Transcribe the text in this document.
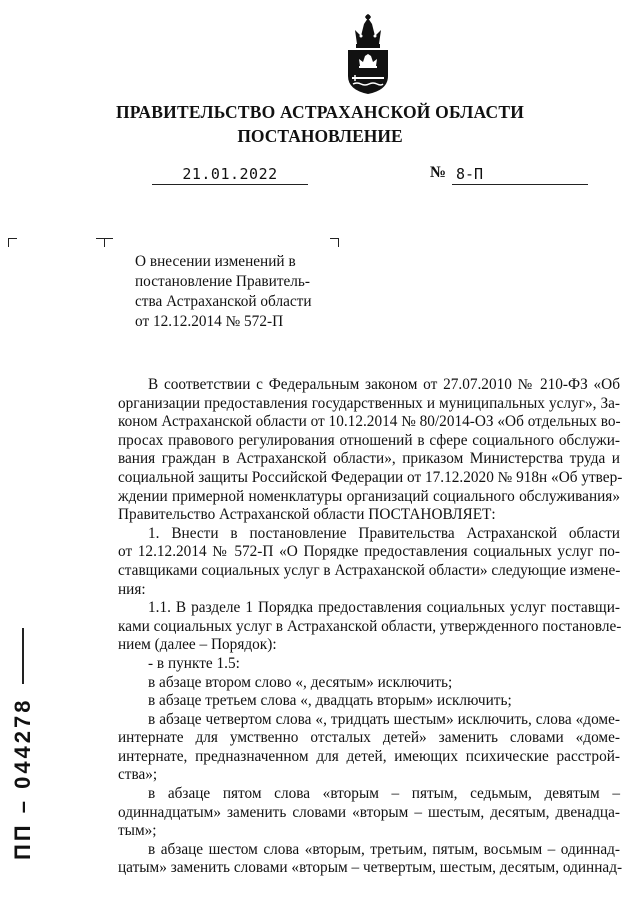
ПРАВИТЕЛЬСТВО АСТРАХАНСКОЙ ОБЛАСТИ
ПОСТАНОВЛЕНИЕ
21.01.2022	№ 8-П
О внесении изменений в
постановление Правитель-
ства Астраханской области
от 12.12.2014 № 572-П
В соответствии с Федеральным законом от 27.07.2010 № 210-ФЗ «Об
организации предоставления государственных и муниципальных услуг», За-
коном Астраханской области от 10.12.2014 № 80/2014-ОЗ «Об отдельных во-
просах правового регулирования отношений в сфере социального обслужи-
вания граждан в Астраханской области», приказом Министерства труда и
социальной защиты Российской Федерации от 17.12.2020 № 918н «Об утвер-
ждении примерной номенклатуры организаций социального обслуживания»
Правительство Астраханской области ПОСТАНОВЛЯЕТ:
1. Внести в постановление Правительства Астраханской области
от 12.12.2014 № 572-П «О Порядке предоставления социальных услуг по-
ставщиками социальных услуг в Астраханской области» следующие измене-
ния:
1.1. В разделе 1 Порядка предоставления социальных услуг поставщи-
ками социальных услуг в Астраханской области, утвержденного постановле-
нием (далее – Порядок):
- в пункте 1.5:
в абзаце втором слово «, десятым» исключить;
в абзаце третьем слова «, двадцать вторым» исключить;
в абзаце четвертом слова «, тридцать шестым» исключить, слова «доме-
интернате для умственно отсталых детей» заменить словами «доме-
интернате, предназначенном для детей, имеющих психические расстрой-
ства»;
в абзаце пятом слова «вторым – пятым, седьмым, девятым –
одиннадцатым» заменить словами «вторым – шестым, десятым, двенадца-
тым»;
в абзаце шестом слова «вторым, третьим, пятым, восьмым – одиннад-
цатым» заменить словами «вторым – четвертым, шестым, десятым, одиннад-
ПП – 044278
